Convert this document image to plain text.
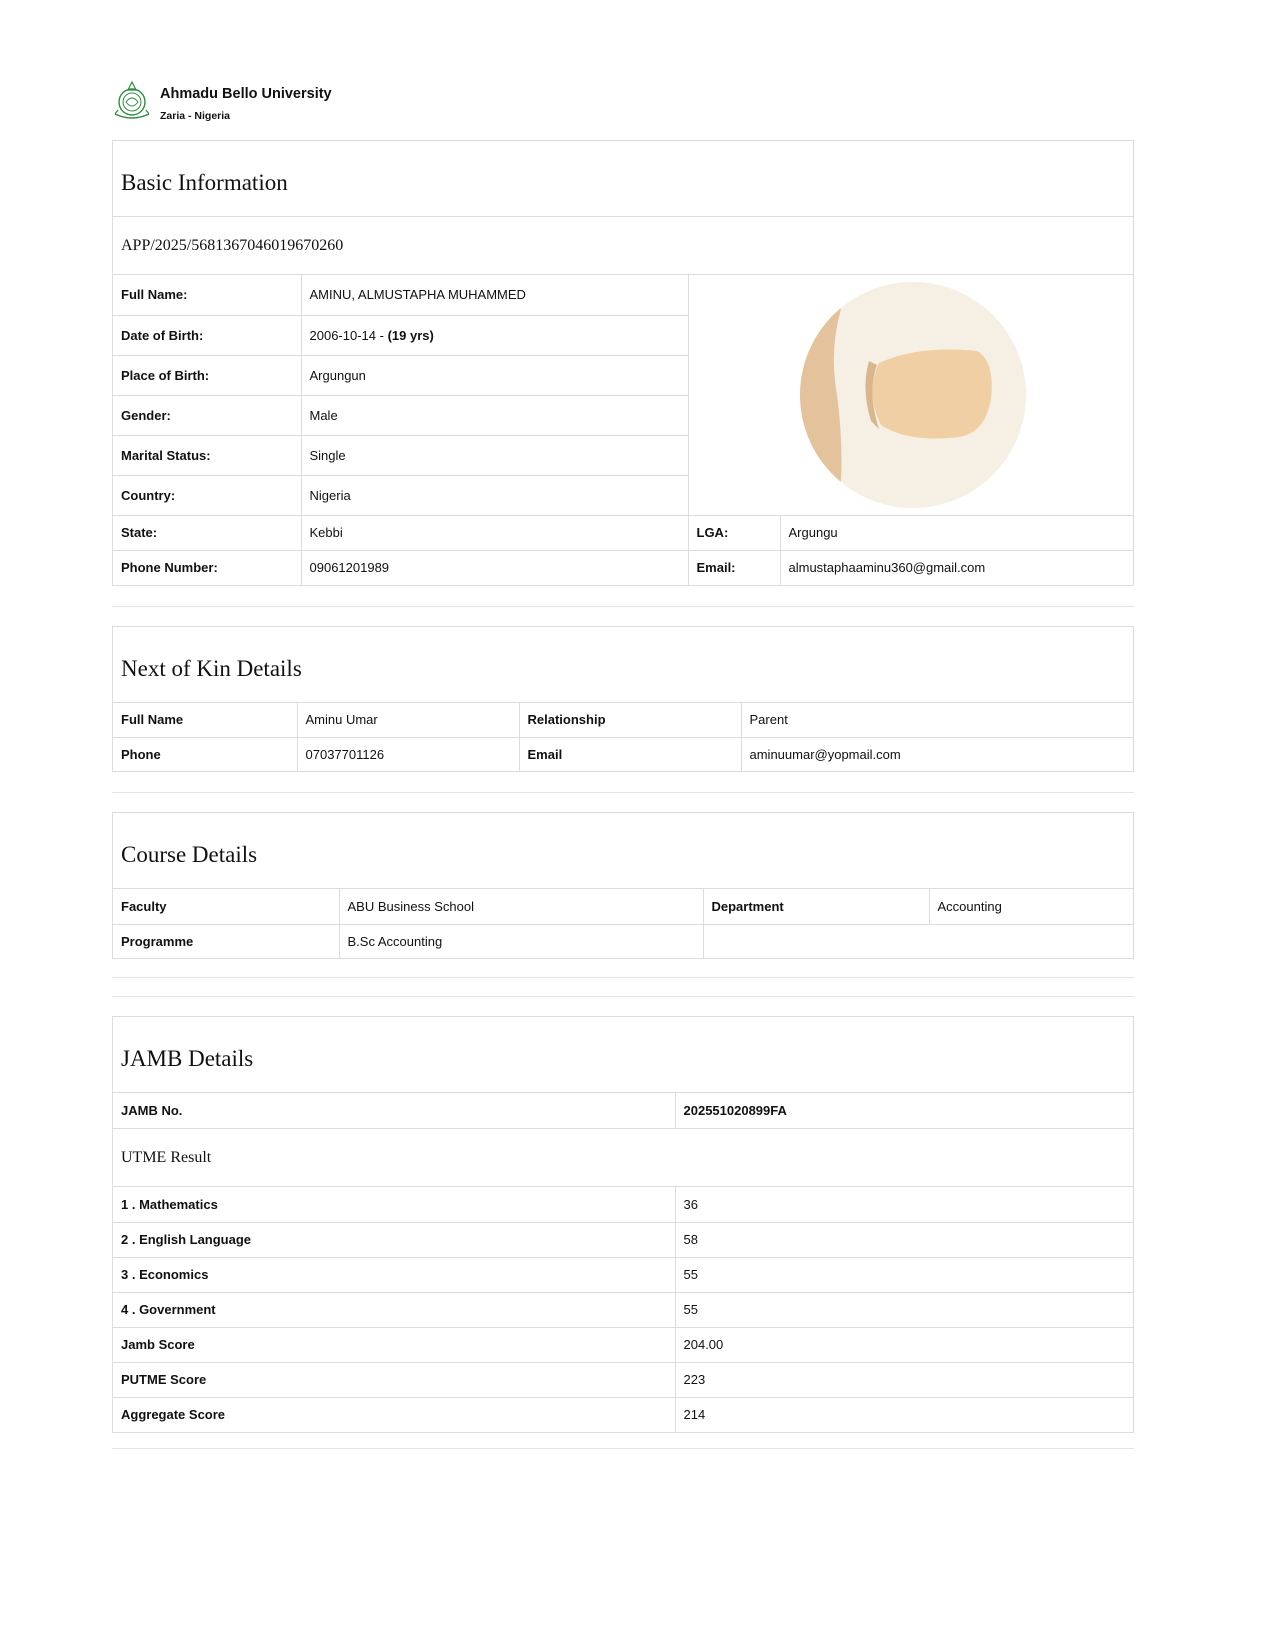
Ahmadu Bello University
Zaria - Nigeria
Basic Information
APP/2025/5681367046019670260
Full Name:	AMINU, ALMUSTAPHA MUHAMMED	

Date of Birth:	2006-10-14 - (19 yrs)		
Place of Birth:	Argungun		
Gender:	Male		
Marital Status:	Single		
Country:	Nigeria		
State:	Kebbi	LGA:	Argungu
Phone Number:	09061201989	Email:	almustaphaaminu360@gmail.com
Next of Kin Details
Full Name	Aminu Umar	Relationship	Parent
Phone	07037701126	Email	aminuumar@yopmail.com
Course Details
Faculty	ABU Business School	Department	Accounting
Programme	B.Sc Accounting		
JAMB Details
JAMB No.	202551020899FA
UTME Result
1 . Mathematics	36
2 . English Language	58
3 . Economics	55
4 . Government	55
Jamb Score	204.00
PUTME Score	223
Aggregate Score	214
